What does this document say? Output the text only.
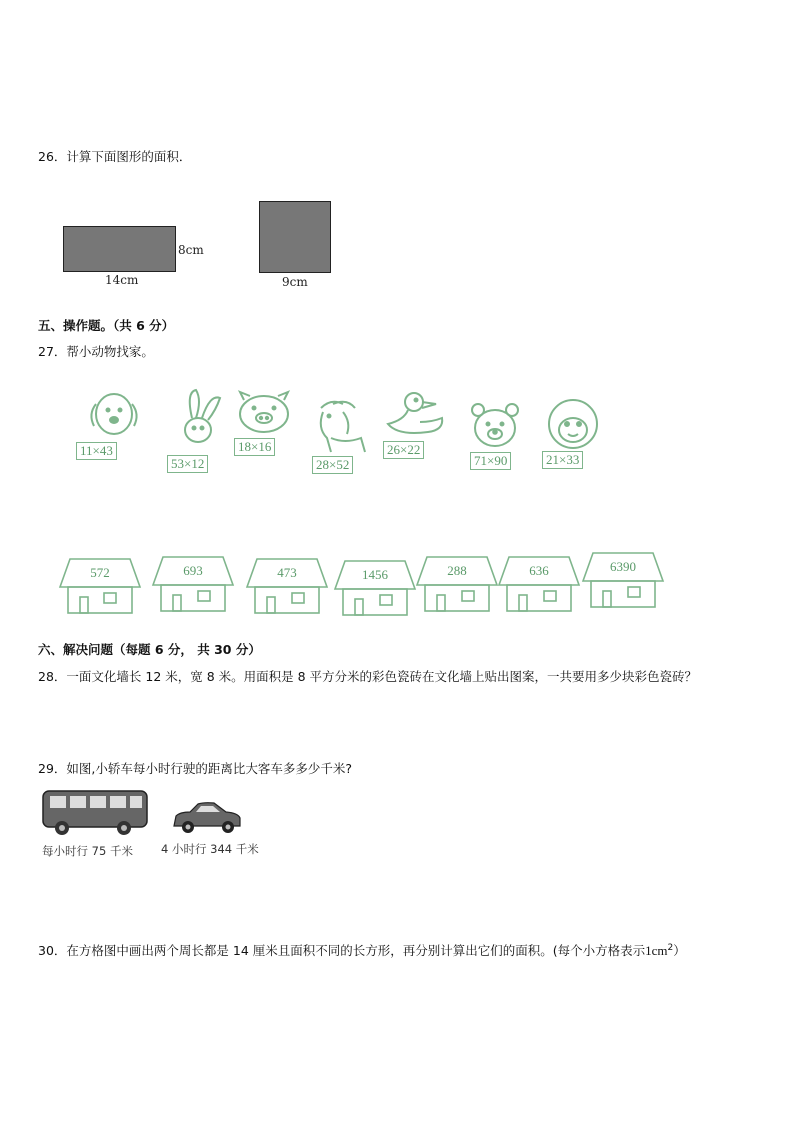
26．计算下面图形的面积．
8cm
14cm	9cm
五、操作题。（共 6 分）
27．帮小动物找家。
11×43
53×12
18×16
28×52
26×22
71×90	21×33
572	693	473	1456	288	636	6390
六、解决问题（每题 6 分， 共 30 分）
28．一面文化墙长 12 米，宽 8 米。用面积是 8 平方分米的彩色瓷砖在文化墙上贴出图案，一共要用多少块彩色瓷砖？
29．如图,小轿车每小时行驶的距离比大客车多多少千米?
每小时行 75 千米 4 小时行 344 千米
30．在方格图中画出两个周长都是 14 厘米且面积不同的长方形，再分别计算出它们的面积。(每个小方格表示$1cm^2$）
